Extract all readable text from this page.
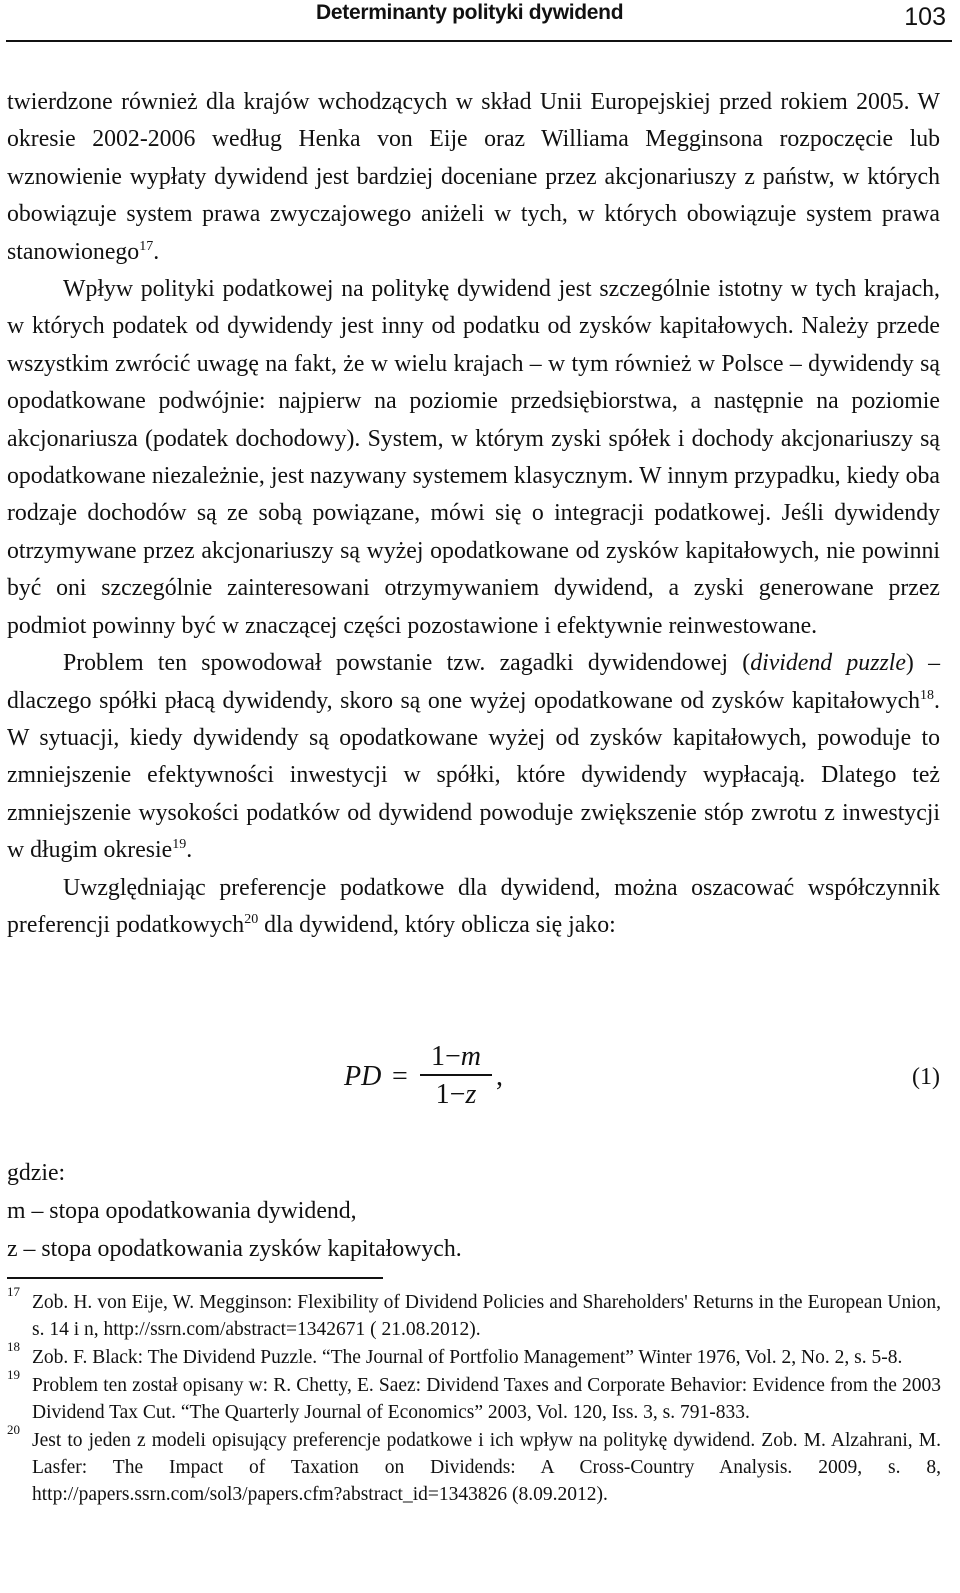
Determinanty polityki dywidend	103

twierdzone również dla krajów wchodzących w skład Unii Europejskiej przed rokiem 2005. W okresie 2002-2006 według Henka von Eije oraz Williama Megginsona rozpoczęcie lub wznowienie wypłaty dywidend jest bardziej doceniane przez akcjonariuszy z państw, w których obowiązuje system prawa zwyczajowego aniżeli w tych, w których obowiązuje system prawa stanowionego$^{17}$.

Wpływ polityki podatkowej na politykę dywidend jest szczególnie istotny w tych krajach, w których podatek od dywidendy jest inny od podatku od zysków kapitałowych. Należy przede wszystkim zwrócić uwagę na fakt, że w wielu krajach – w tym również w Polsce – dywidendy są opodatkowane podwójnie: najpierw na poziomie przedsiębiorstwa, a następnie na poziomie akcjonariusza (podatek dochodowy). System, w którym zyski spółek i dochody akcjonariuszy są opodatkowane niezależnie, jest nazywany systemem klasycznym. W innym przypadku, kiedy oba rodzaje dochodów są ze sobą powiązane, mówi się o integracji podatkowej. Jeśli dywidendy otrzymywane przez akcjonariuszy są wyżej opodatkowane od zysków kapitałowych, nie powinni być oni szczególnie zainteresowani otrzymywaniem dywidend, a zyski generowane przez podmiot powinny być w znaczącej części pozostawione i efektywnie reinwestowane.

Problem ten spowodował powstanie tzw. zagadki dywidendowej (dividend puzzle) – dlaczego spółki płacą dywidendy, skoro są one wyżej opodatkowane od zysków kapitałowych$^{18}$. W sytuacji, kiedy dywidendy są opodatkowane wyżej od zysków kapitałowych, powoduje to zmniejszenie efektywności inwestycji w spółki, które dywidendy wypłacają. Dlatego też zmniejszenie wysokości podatków od dywidend powoduje zwiększenie stóp zwrotu z inwestycji w długim okresie$^{19}$.

Uwzględniając preferencje podatkowe dla dywidend, można oszacować współczynnik preferencji podatkowych$^{20}$ dla dywidend, który oblicza się jako:

PD =
1−m
1−z
,	(1)
gdzie:
m – stopa opodatkowania dywidend,
z – stopa opodatkowania zysków kapitałowych.
17
Zob. H. von Eije, W. Megginson: Flexibility of Dividend Policies and Shareholders' Returns in the European Union, s. 14 i n, http://ssrn.com/abstract=1342671 ( 21.08.2012).
18
Zob. F. Black: The Dividend Puzzle. “The Journal of Portfolio Management” Winter 1976, Vol. 2, No. 2, s. 5-8.
19
Problem ten został opisany w: R. Chetty, E. Saez: Dividend Taxes and Corporate Behavior: Evidence from the 2003 Dividend Tax Cut. “The Quarterly Journal of Economics” 2003, Vol. 120, Iss. 3, s. 791-833.
20
Jest to jeden z modeli opisujący preferencje podatkowe i ich wpływ na politykę dywidend. Zob. M. Alzahrani, M. Lasfer: The Impact of Taxation on Dividends: A Cross-Country Analysis. 2009, s. 8, http://papers.ssrn.com/sol3/papers.cfm?abstract_id=1343826 (8.09.2012).
